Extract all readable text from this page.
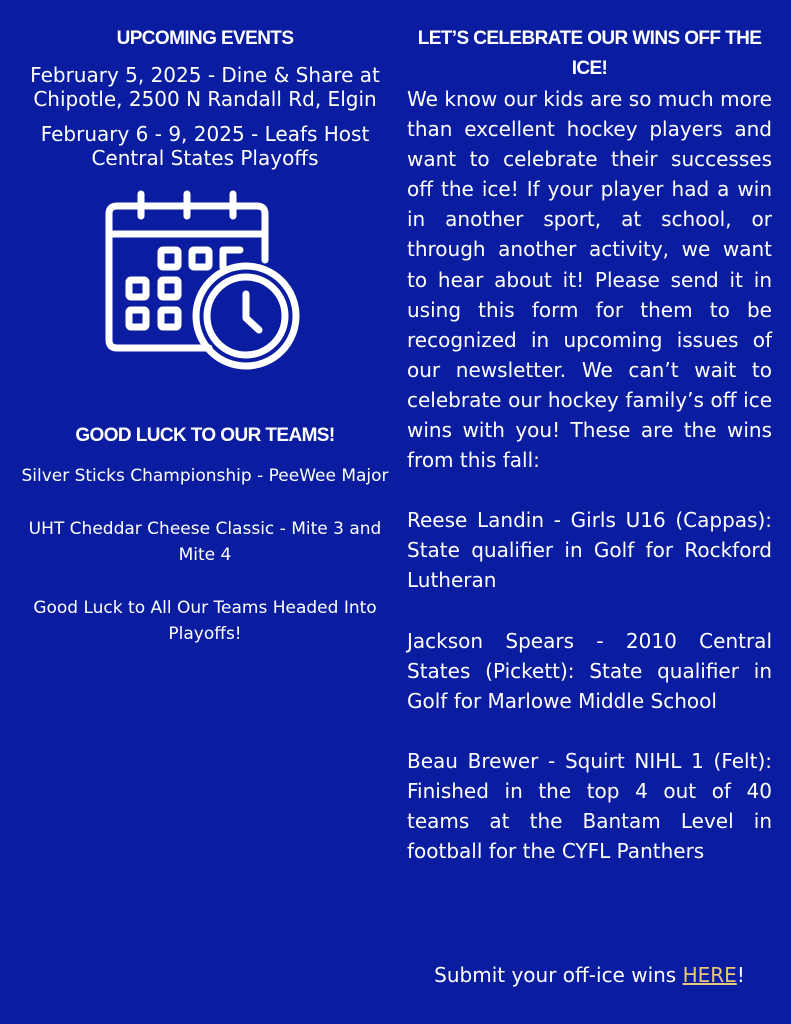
UPCOMING EVENTS

February 5, 2025 - Dine & Share at Chipotle, 2500 N Randall Rd, Elgin

February 6 - 9, 2025 - Leafs Host Central States Playoffs

GOOD LUCK TO OUR TEAMS!

Silver Sticks Championship - PeeWee Major

UHT Cheddar Cheese Classic - Mite 3 and Mite 4

Good Luck to All Our Teams Headed Into Playoffs!

LET’S CELEBRATE OUR WINS OFF THE ICE!

We know our kids are so much more than excellent hockey players and want to celebrate their successes off the ice! If your player had a win in another sport, at school, or through another activity, we want to hear about it! Please send it in using this form for them to be recognized in upcoming issues of our newsletter. We can’t wait to celebrate our hockey family’s off ice wins with you! These are the wins from this fall:

Reese Landin - Girls U16 (Cappas): State qualifier in Golf for Rockford Lutheran

Jackson Spears - 2010 Central States (Pickett): State qualifier in Golf for Marlowe Middle School

Beau Brewer - Squirt NIHL 1 (Felt): Finished in the top 4 out of 40 teams at the Bantam Level in football for the CYFL Panthers

Submit your off-ice wins HERE!
